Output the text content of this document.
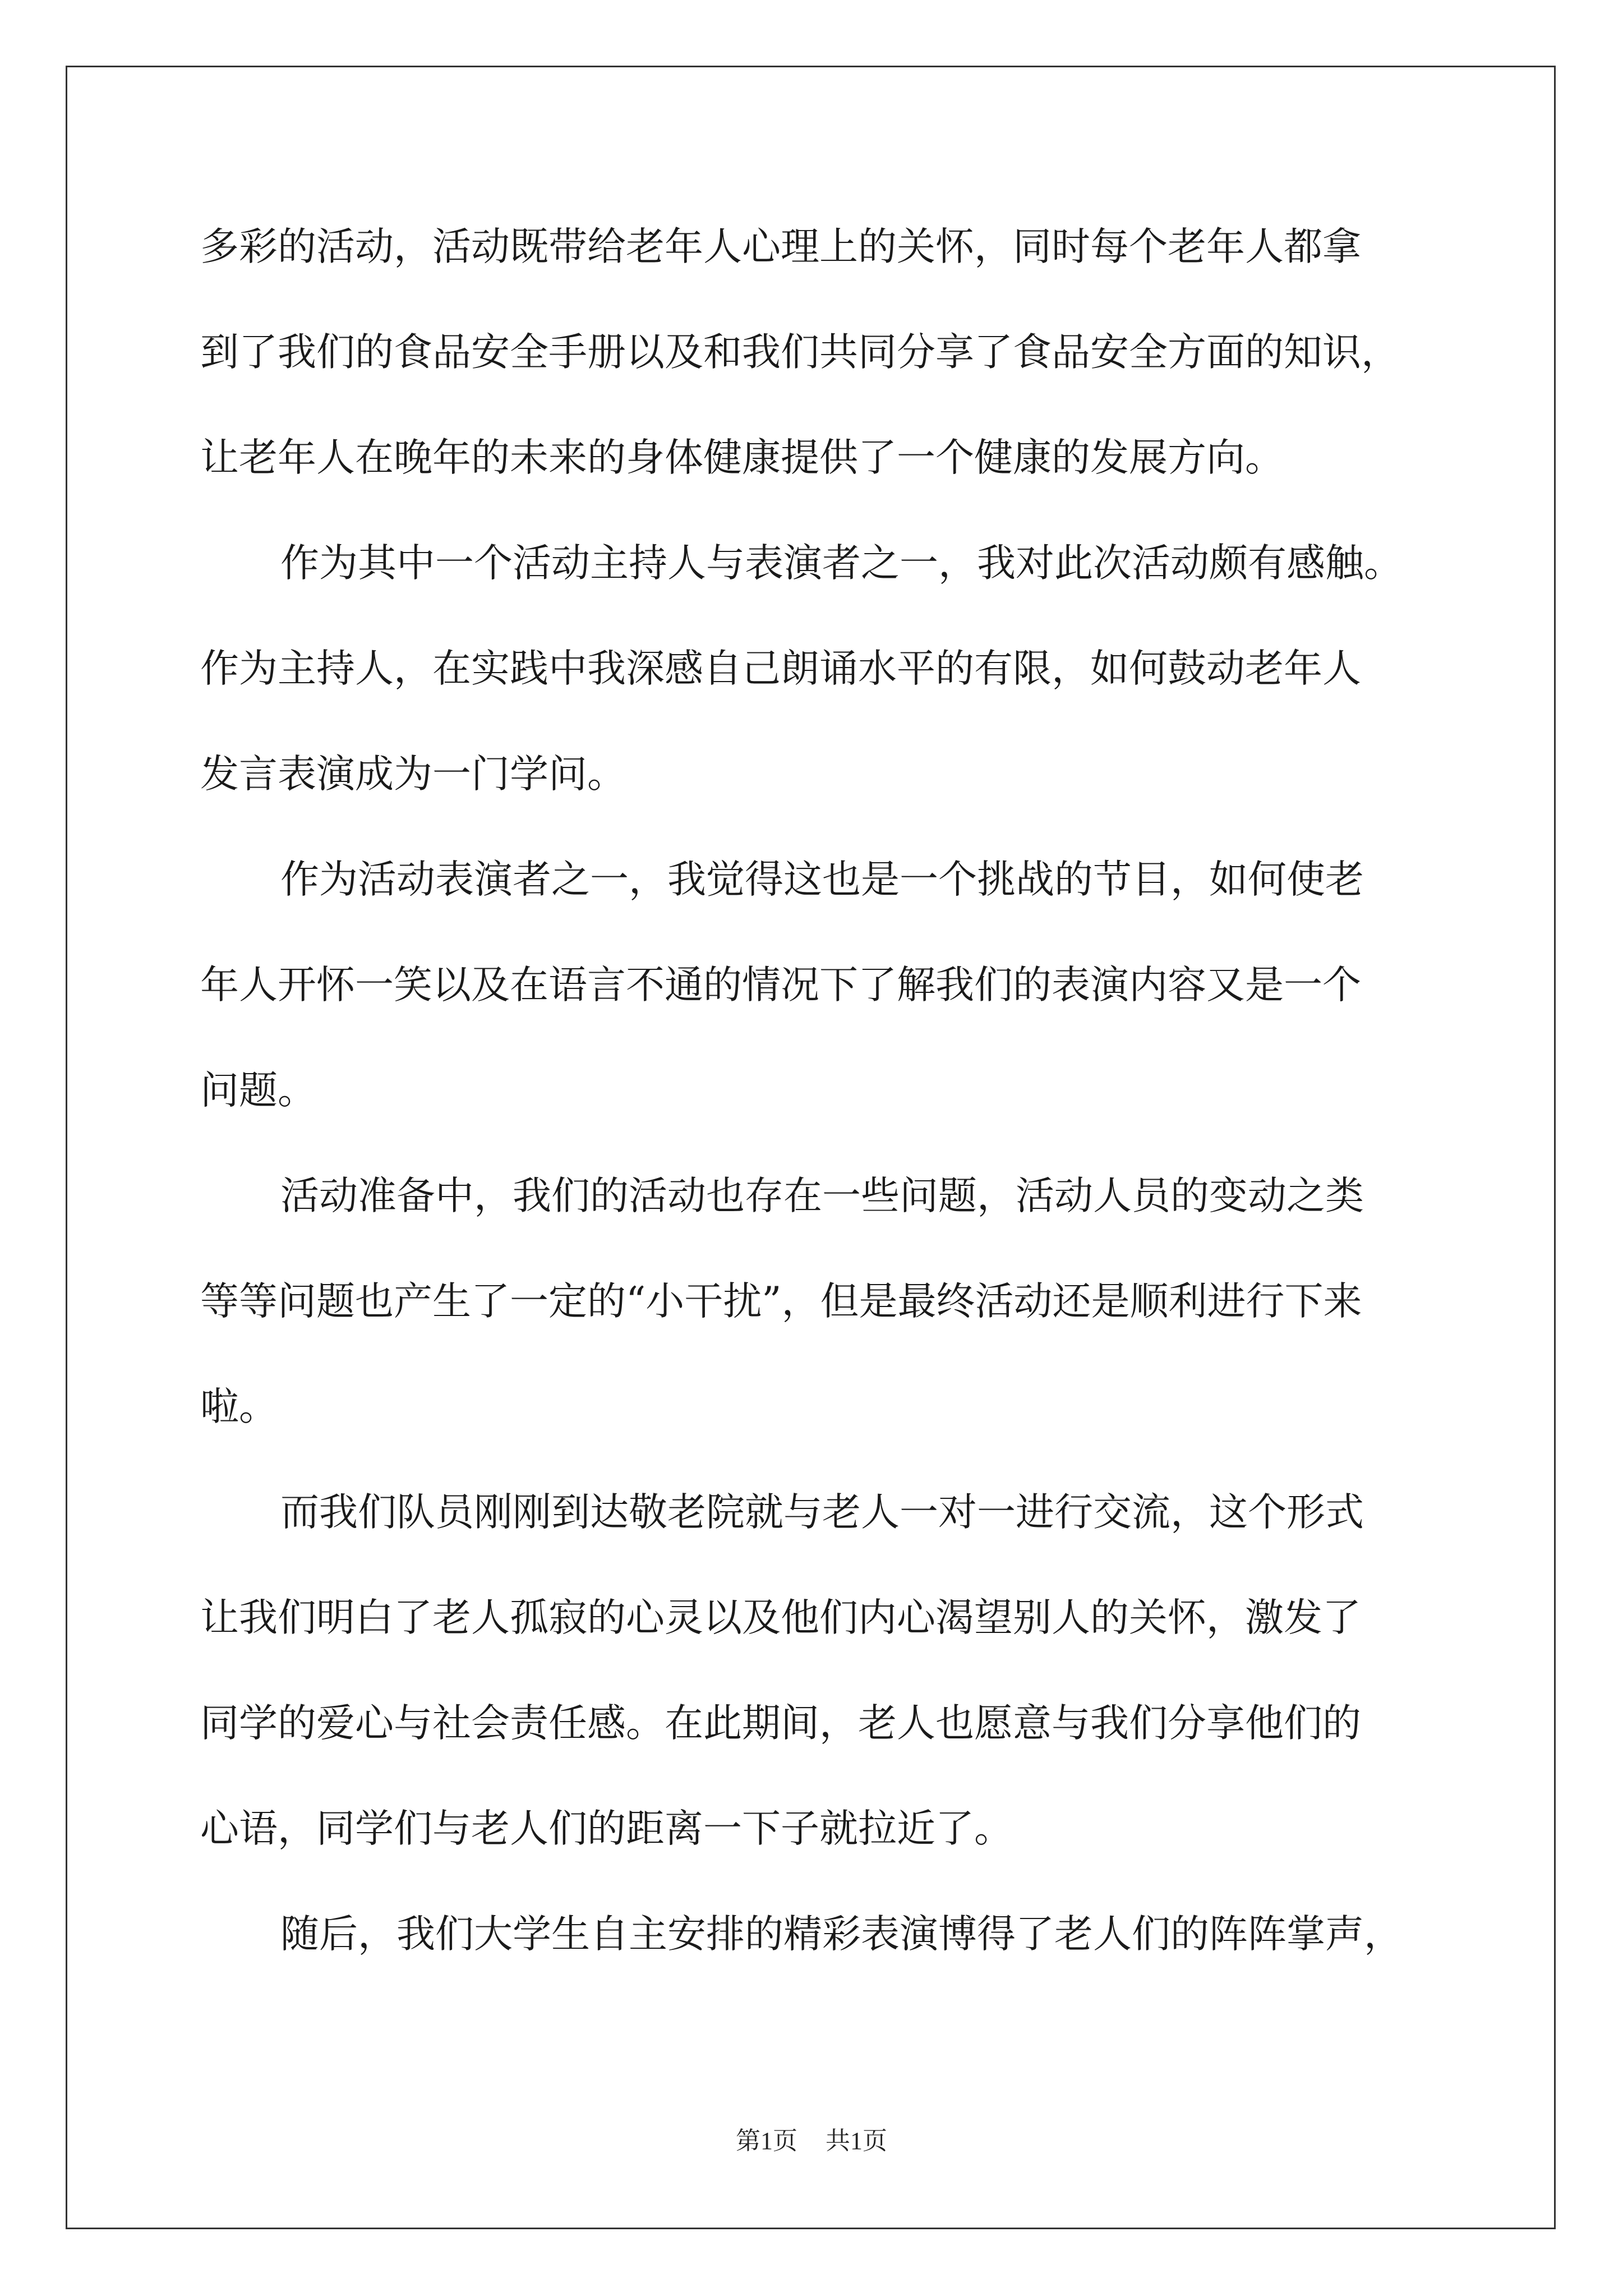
多彩的活动，活动既带给老年人心理上的关怀，同时每个老年人都拿
到了我们的食品安全手册以及和我们共同分享了食品安全方面的知识，
让老年人在晚年的未来的身体健康提供了一个健康的发展方向。
作为其中一个活动主持人与表演者之一，我对此次活动颇有感触。
作为主持人，在实践中我深感自己朗诵水平的有限，如何鼓动老年人
发言表演成为一门学问。
作为活动表演者之一，我觉得这也是一个挑战的节目，如何使老
年人开怀一笑以及在语言不通的情况下了解我们的表演内容又是一个
问题。
活动准备中，我们的活动也存在一些问题，活动人员的变动之类
等等问题也产生了一定的“小干扰”，但是最终活动还是顺利进行下来
啦。
而我们队员刚刚到达敬老院就与老人一对一进行交流，这个形式
让我们明白了老人孤寂的心灵以及他们内心渴望别人的关怀，激发了
同学的爱心与社会责任感。在此期间，老人也愿意与我们分享他们的
心语，同学们与老人们的距离一下子就拉近了。
随后，我们大学生自主安排的精彩表演博得了老人们的阵阵掌声，
第1页 共1页
